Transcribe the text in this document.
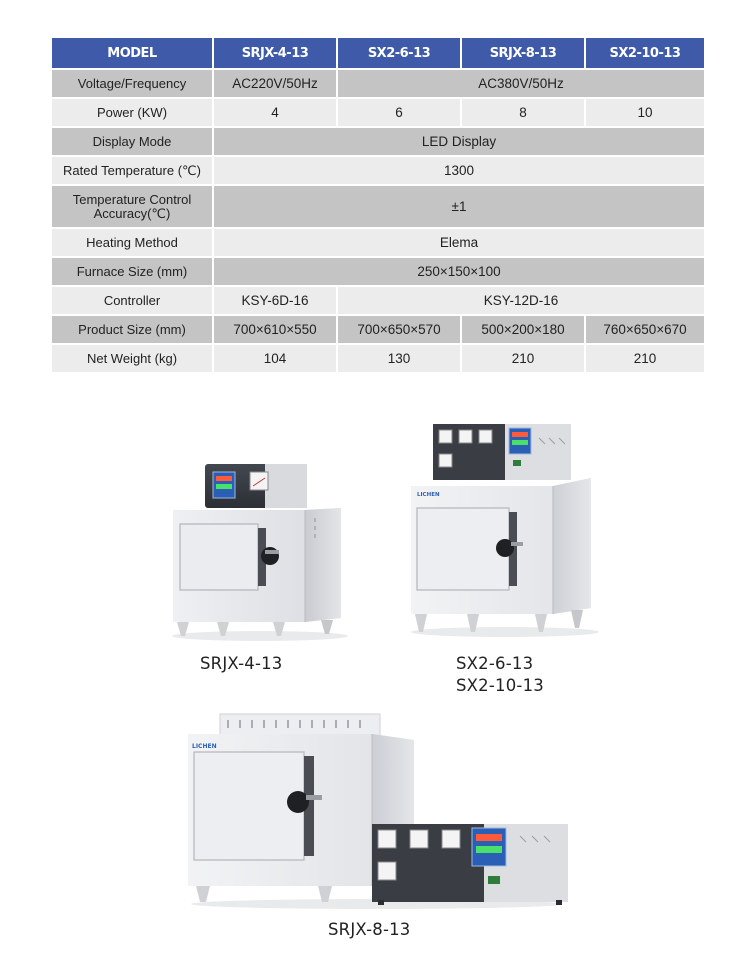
MODEL	SRJX-4-13	SX2-6-13	SRJX-8-13	SX2-10-13
Voltage/Frequency	AC220V/50Hz	AC380V/50Hz		
Power (KW)	4	6	8	10
Display Mode	LED Display			
Rated Temperature (℃)	1300			

Temperature Control
Accuracy(℃)	±1			
Heating Method	Elema			
Furnace Size (mm)	250×150×100			
Controller	KSY-6D-16	KSY-12D-16		
Product Size (mm)	700×610×550	700×650×570	500×200×180	760×650×670
Net Weight (kg)	104	130	210	210
SRJX-4-13
LICHEN
SX2-6-13
SX2-10-13
LICHEN
SRJX-8-13
